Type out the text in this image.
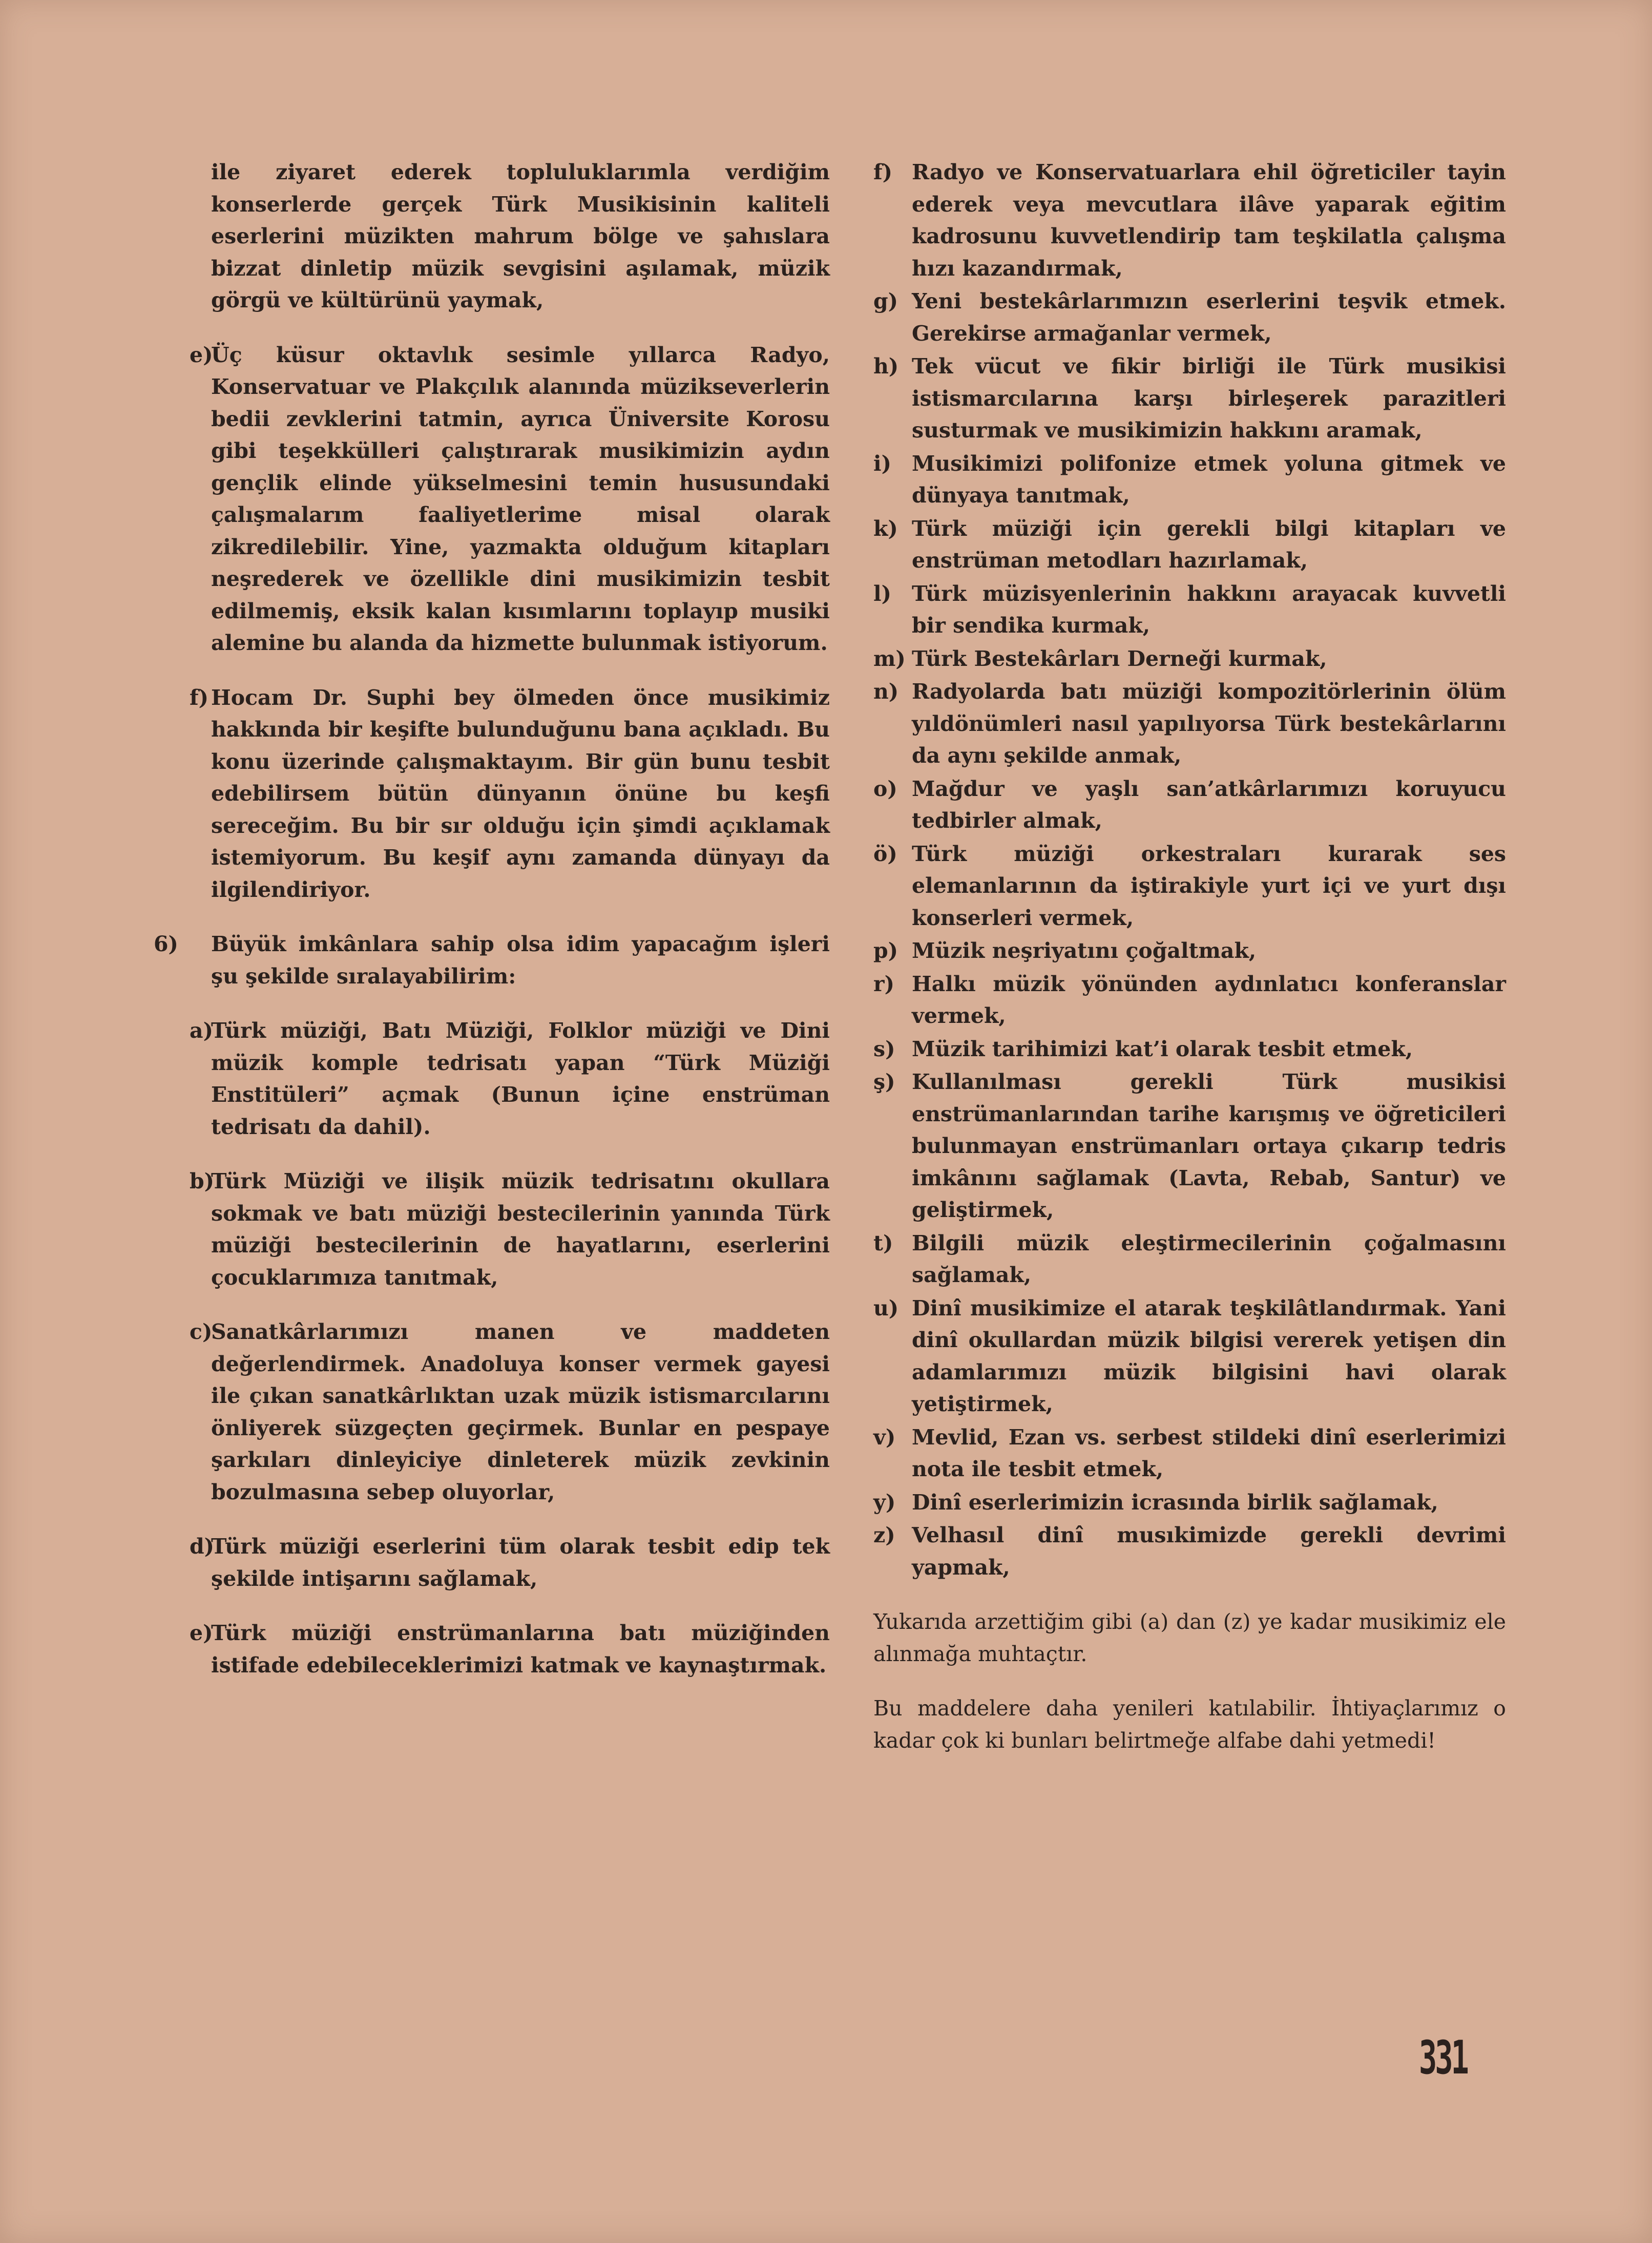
ile ziyaret ederek topluluklarımla verdiğim konserlerde gerçek Türk Musikisinin kaliteli eserlerini müzikten mahrum bölge ve şahıslara bizzat dinletip müzik sevgisini aşılamak, müzik görgü ve kültürünü yaymak,

e)
Üç küsur oktavlık sesimle yıllarca Radyo, Konservatuar ve Plakçılık alanında müzikseverlerin bedii zevklerini tatmin, ayrıca Üniversite Korosu gibi teşekkülleri çalıştırarak musikimizin aydın gençlik elinde yükselmesini temin hususundaki çalışmalarım faaliyetlerime misal olarak zikredilebilir. Yine, yazmakta olduğum kitapları neşrederek ve özellikle dini musikimizin tesbit edilmemiş, eksik kalan kısımlarını toplayıp musiki alemine bu alanda da hizmette bulunmak istiyorum.
f) Hocam Dr. Suphi bey ölmeden önce musikimiz hakkında bir keşifte bulunduğunu bana açıkladı. Bu konu üzerinde çalışmaktayım. Bir gün bunu tesbit edebilirsem bütün dünyanın önüne bu keşfi sereceğim. Bu bir sır olduğu için şimdi açıklamak istemiyorum. Bu keşif aynı zamanda dünyayı da ilgilendiriyor.
6) Büyük imkânlara sahip olsa idim yapacağım işleri şu şekilde sıralayabilirim:
a)
Türk müziği, Batı Müziği, Folklor müziği ve Dini müzik komple tedrisatı yapan “Türk Müziği Enstitüleri” açmak (Bunun içine enstrüman tedrisatı da dahil).
b)
Türk Müziği ve ilişik müzik tedrisatını okullara sokmak ve batı müziği bestecilerinin yanında Türk müziği bestecilerinin de hayatlarını, eserlerini çocuklarımıza tanıtmak,
c)
Sanatkârlarımızı manen ve maddeten değerlendirmek. Anadoluya konser vermek gayesi ile çıkan sanatkârlıktan uzak müzik istismarcılarını önliyerek süzgeçten geçirmek. Bunlar en pespaye şarkıları dinleyiciye dinleterek müzik zevkinin bozulmasına sebep oluyorlar,
d)
Türk müziği eserlerini tüm olarak tesbit edip tek şekilde intişarını sağlamak,
e)
Türk müziği enstrümanlarına batı müziğinden istifade edebileceklerimizi katmak ve kaynaştırmak.
f) Radyo ve Konservatuarlara ehil öğreticiler tayin ederek veya mevcutlara ilâve yaparak eğitim kadrosunu kuvvetlendirip tam teşkilatla çalışma hızı kazandırmak,
g) Yeni bestekârlarımızın eserlerini teşvik etmek. Gerekirse armağanlar vermek,
h) Tek vücut ve fikir birliği ile Türk musikisi istismarcılarına karşı birleşerek parazitleri susturmak ve musikimizin hakkını aramak,
i) Musikimizi polifonize etmek yoluna gitmek ve dünyaya tanıtmak,
k) Türk müziği için gerekli bilgi kitapları ve enstrüman metodları hazırlamak,
l) Türk müzisyenlerinin hakkını arayacak kuvvetli bir sendika kurmak,
m) Türk Bestekârları Derneği kurmak,
n) Radyolarda batı müziği kompozitörlerinin ölüm yıldönümleri nasıl yapılıyorsa Türk bestekârlarını da aynı şekilde anmak,
o) Mağdur ve yaşlı san’atkârlarımızı koruyucu tedbirler almak,
ö) Türk müziği orkestraları kurarak ses elemanlarının da iştirakiyle yurt içi ve yurt dışı konserleri vermek,
p) Müzik neşriyatını çoğaltmak,
r) Halkı müzik yönünden aydınlatıcı konferanslar vermek,
s) Müzik tarihimizi kat’i olarak tesbit etmek,
ş) Kullanılması gerekli Türk musikisi enstrümanlarından tarihe karışmış ve öğreticileri bulunmayan enstrümanları ortaya çıkarıp tedris imkânını sağlamak (Lavta, Rebab, Santur) ve geliştirmek,
t) Bilgili müzik eleştirmecilerinin çoğalmasını sağlamak,
u) Dinî musikimize el atarak teşkilâtlandırmak. Yani dinî okullardan müzik bilgisi vererek yetişen din adamlarımızı müzik bilgisini havi olarak yetiştirmek,
v) Mevlid, Ezan vs. serbest stildeki dinî eserlerimizi nota ile tesbit etmek,
y) Dinî eserlerimizin icrasında birlik sağlamak,
z) Velhasıl dinî musıkimizde gerekli devrimi yapmak,

Yukarıda arzettiğim gibi (a) dan (z) ye kadar musikimiz ele alınmağa muhtaçtır.

Bu maddelere daha yenileri katılabilir. İhtiyaçlarımız o kadar çok ki bunları belirtmeğe alfabe dahi yetmedi!

331
